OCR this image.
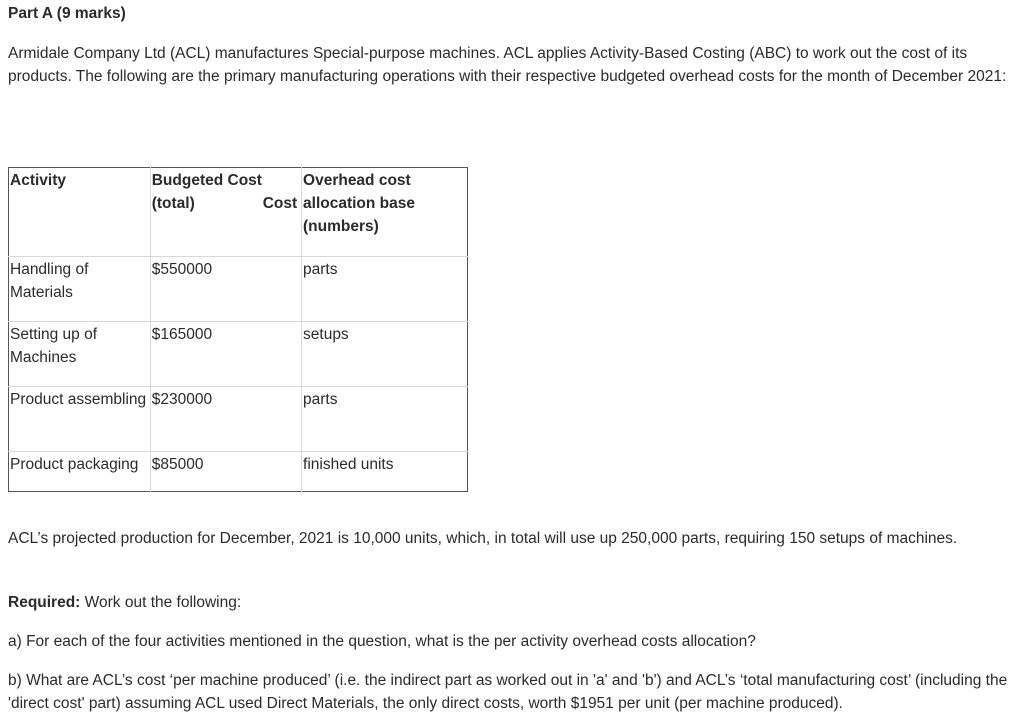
Part A (9 marks)

Armidale Company Ltd (ACL) manufactures Special-purpose machines. ACL applies Activity-Based Costing (ABC) to work out the cost of its products. The following are the primary manufacturing operations with their respective budgeted overhead costs for the month of December 2021:

Activity	Budgeted Cost (total) Cost	Overhead cost allocation base (numbers)
Handling of Materials	$550000	parts
Setting up of Machines	$165000	setups
Product assembling	$230000	parts
Product packaging	$85000	finished units

ACL’s projected production for December, 2021 is 10,000 units, which, in total will use up 250,000 parts, requiring 150 setups of machines.

Required: Work out the following:

a) For each of the four activities mentioned in the question, what is the per activity overhead costs allocation?

b) What are ACL’s cost ‘per machine produced’ (i.e. the indirect part as worked out in 'a' and 'b') and ACL’s ‘total manufacturing cost’ (including the 'direct cost' part) assuming ACL used Direct Materials, the only direct costs, worth $1951 per unit (per machine produced).
